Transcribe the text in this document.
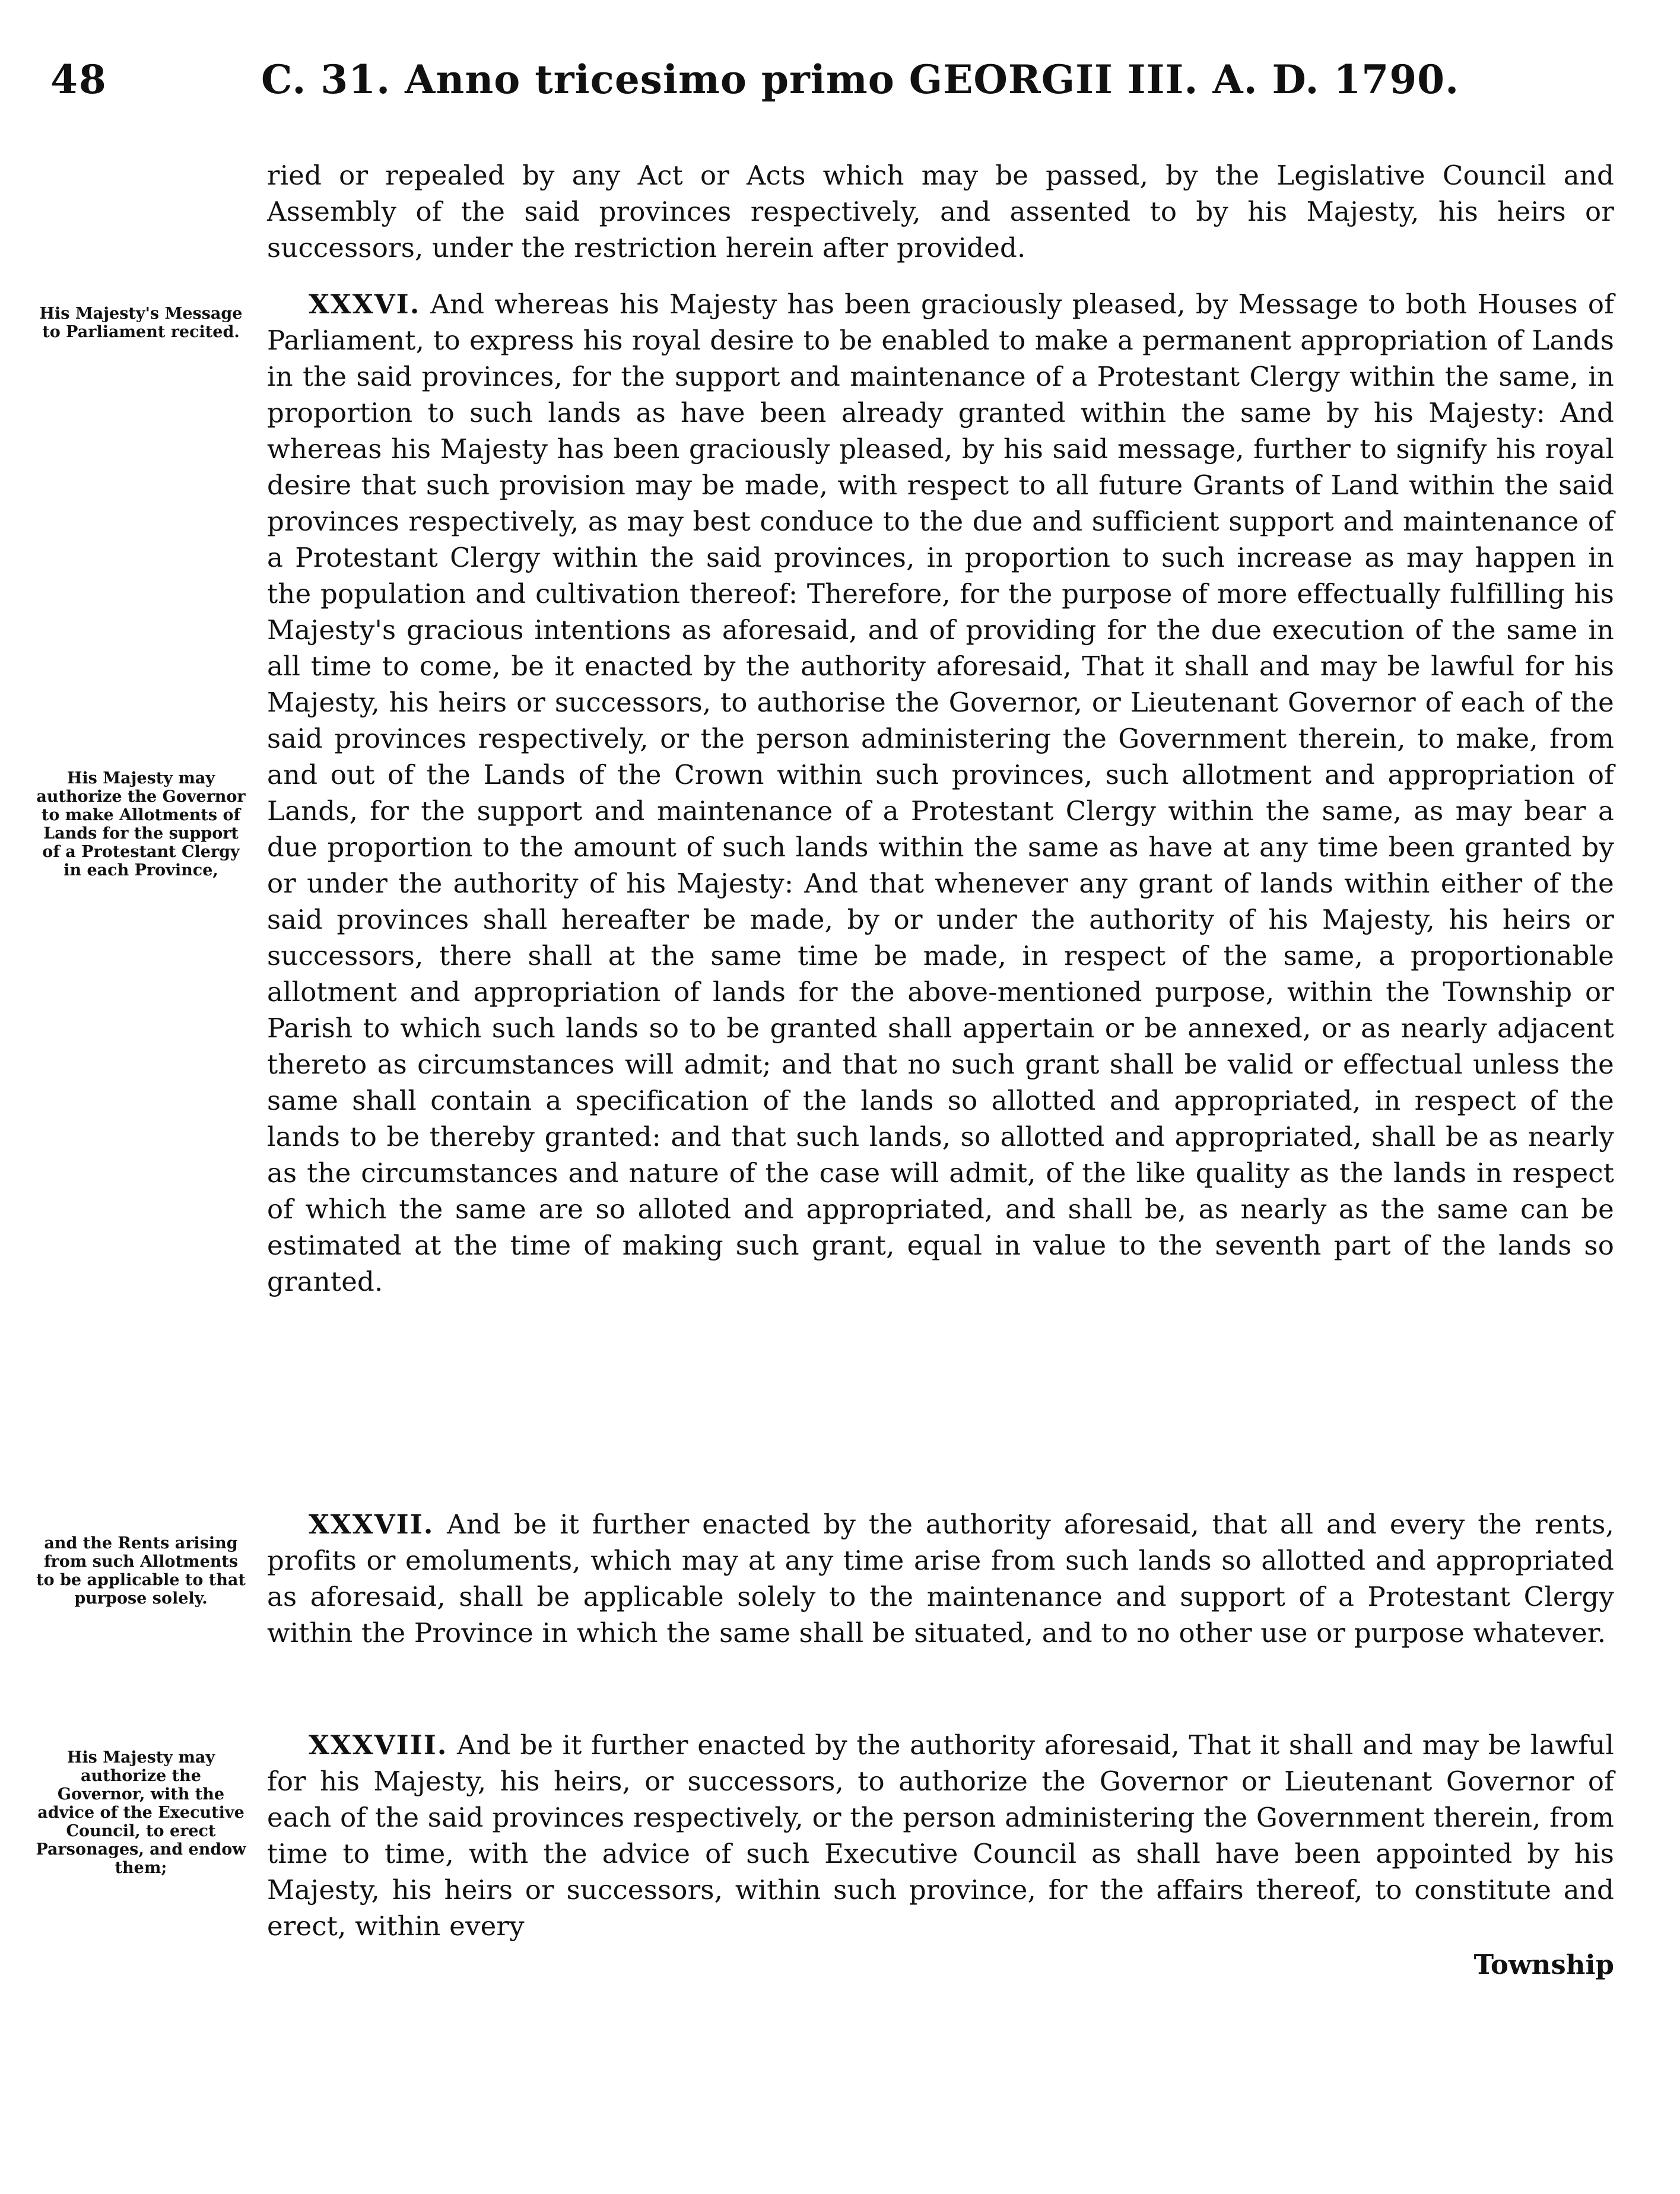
48	C. 31. Anno tricesimo primo GEORGII III. A. D. 1790.
ried or repealed by any Act or Acts which may be passed, by the Legislative Council and Assembly of the said provinces respectively, and assented to by his Majesty, his heirs or successors, under the restriction herein after provided.
His Majesty's Message to Parliament recited.
XXXVI. And whereas his Majesty has been graciously pleased, by Message to both Houses of Parliament, to express his royal desire to be enabled to make a permanent appropriation of Lands in the said provinces, for the support and maintenance of a Protestant Clergy within the same, in proportion to such lands as have been already granted within the same by his Majesty: And whereas his Majesty has been graciously pleased, by his said message, further to signify his royal desire that such provision may be made, with respect to all future Grants of Land within the said provinces respectively, as may best conduce to the due and sufficient support and maintenance of a Protestant Clergy within the said provinces, in proportion to such increase as may happen in the population and cultivation thereof: Therefore, for the purpose of more effectually fulfilling his Majesty's gracious intentions as aforesaid, and of providing for the due execution of the same in all time to come, be it enacted by the authority aforesaid, That it shall and may be lawful for his Majesty, his heirs or successors, to authorise the Governor, or Lieutenant Governor of each of the said provinces respectively, or the person administering the Government therein, to make, from and out of the Lands of the Crown within such provinces, such allotment and appropriation of Lands, for the support and maintenance of a Protestant Clergy within the same, as may bear a due proportion to the amount of such lands within the same as have at any time been granted by or under the authority of his Majesty: And that whenever any grant of lands within either of the said provinces shall hereafter be made, by or under the authority of his Majesty, his heirs or successors, there shall at the same time be made, in respect of the same, a proportionable allotment and appropriation of lands for the above-mentioned purpose, within the Township or Parish to which such lands so to be granted shall appertain or be annexed, or as nearly adjacent thereto as circumstances will admit; and that no such grant shall be valid or effectual unless the same shall contain a specification of the lands so allotted and appropriated, in respect of the lands to be thereby granted: and that such lands, so allotted and appropriated, shall be as nearly as the circumstances and nature of the case will admit, of the like quality as the lands in respect of which the same are so alloted and appropriated, and shall be, as nearly as the same can be estimated at the time of making such grant, equal in value to the seventh part of the lands so granted.
His Majesty may authorize the Governor to make Allotments of Lands for the support of a Protestant Clergy in each Province,
and the Rents arising from such Allotments to be applicable to that purpose solely.
XXXVII. And be it further enacted by the authority aforesaid, that all and every the rents, profits or emoluments, which may at any time arise from such lands so allotted and appropriated as aforesaid, shall be applicable solely to the maintenance and support of a Protestant Clergy within the Province in which the same shall be situated, and to no other use or purpose whatever.
His Majesty may authorize the Governor, with the advice of the Executive Council, to erect Parsonages, and endow them;
XXXVIII. And be it further enacted by the authority aforesaid, That it shall and may be lawful for his Majesty, his heirs, or successors, to authorize the Governor or Lieutenant Governor of each of the said provinces respectively, or the person administering the Government therein, from time to time, with the advice of such Executive Council as shall have been appointed by his Majesty, his heirs or successors, within such province, for the affairs thereof, to constitute and erect, within every
Township
